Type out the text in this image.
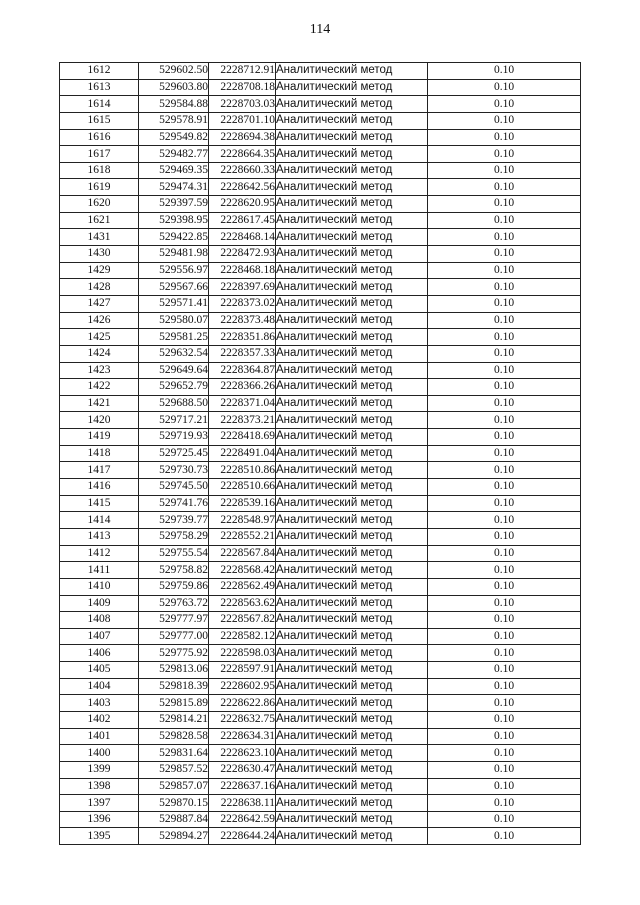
114
1612	529602.50	2228712.91	Аналитический метод	0.10
1613	529603.80	2228708.18	Аналитический метод	0.10
1614	529584.88	2228703.03	Аналитический метод	0.10
1615	529578.91	2228701.10	Аналитический метод	0.10
1616	529549.82	2228694.38	Аналитический метод	0.10
1617	529482.77	2228664.35	Аналитический метод	0.10
1618	529469.35	2228660.33	Аналитический метод	0.10
1619	529474.31	2228642.56	Аналитический метод	0.10
1620	529397.59	2228620.95	Аналитический метод	0.10
1621	529398.95	2228617.45	Аналитический метод	0.10
1431	529422.85	2228468.14	Аналитический метод	0.10
1430	529481.98	2228472.93	Аналитический метод	0.10
1429	529556.97	2228468.18	Аналитический метод	0.10
1428	529567.66	2228397.69	Аналитический метод	0.10
1427	529571.41	2228373.02	Аналитический метод	0.10
1426	529580.07	2228373.48	Аналитический метод	0.10
1425	529581.25	2228351.86	Аналитический метод	0.10
1424	529632.54	2228357.33	Аналитический метод	0.10
1423	529649.64	2228364.87	Аналитический метод	0.10
1422	529652.79	2228366.26	Аналитический метод	0.10
1421	529688.50	2228371.04	Аналитический метод	0.10
1420	529717.21	2228373.21	Аналитический метод	0.10
1419	529719.93	2228418.69	Аналитический метод	0.10
1418	529725.45	2228491.04	Аналитический метод	0.10
1417	529730.73	2228510.86	Аналитический метод	0.10
1416	529745.50	2228510.66	Аналитический метод	0.10
1415	529741.76	2228539.16	Аналитический метод	0.10
1414	529739.77	2228548.97	Аналитический метод	0.10
1413	529758.29	2228552.21	Аналитический метод	0.10
1412	529755.54	2228567.84	Аналитический метод	0.10
1411	529758.82	2228568.42	Аналитический метод	0.10
1410	529759.86	2228562.49	Аналитический метод	0.10
1409	529763.72	2228563.62	Аналитический метод	0.10
1408	529777.97	2228567.82	Аналитический метод	0.10
1407	529777.00	2228582.12	Аналитический метод	0.10
1406	529775.92	2228598.03	Аналитический метод	0.10
1405	529813.06	2228597.91	Аналитический метод	0.10
1404	529818.39	2228602.95	Аналитический метод	0.10
1403	529815.89	2228622.86	Аналитический метод	0.10
1402	529814.21	2228632.75	Аналитический метод	0.10
1401	529828.58	2228634.31	Аналитический метод	0.10
1400	529831.64	2228623.10	Аналитический метод	0.10
1399	529857.52	2228630.47	Аналитический метод	0.10
1398	529857.07	2228637.16	Аналитический метод	0.10
1397	529870.15	2228638.11	Аналитический метод	0.10
1396	529887.84	2228642.59	Аналитический метод	0.10
1395	529894.27	2228644.24	Аналитический метод	0.10
